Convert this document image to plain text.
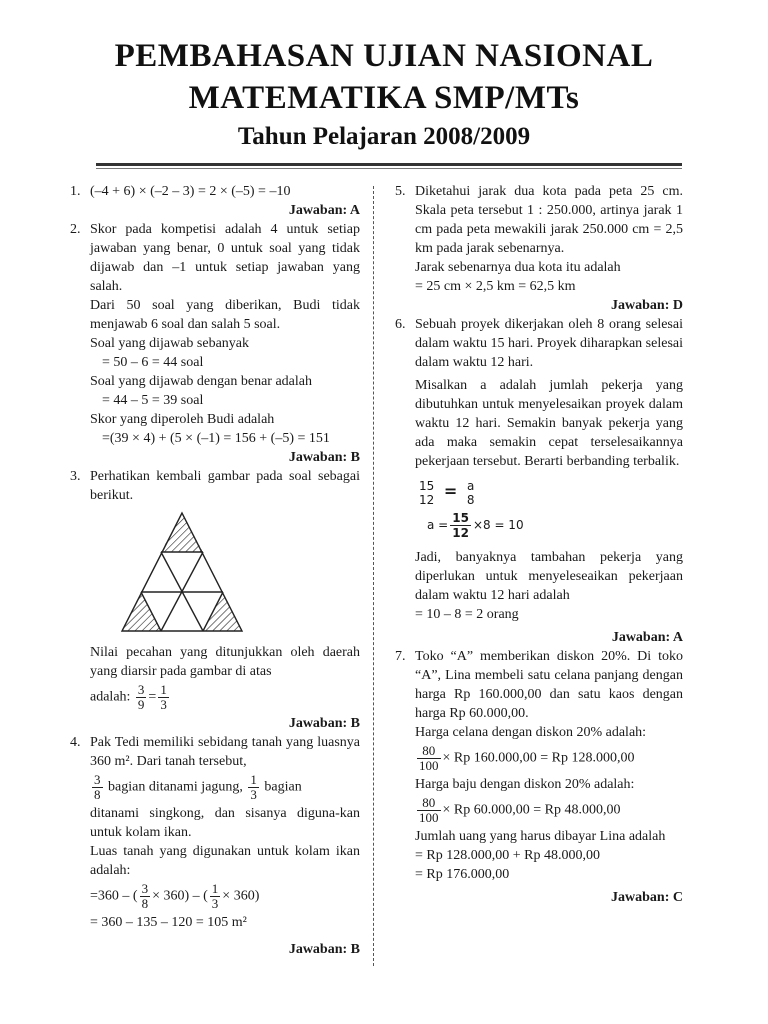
PEMBAHASAN UJIAN NASIONAL
MATEMATIKA SMP/MTs
Tahun Pelajaran 2008/2009
1. (–4 + 6) × (–2 – 3) = 2 × (–5) = –10
Jawaban: A
2. Skor pada kompetisi adalah 4 untuk setiap jawaban yang benar, 0 untuk soal yang tidak dijawab dan –1 untuk setiap jawaban yang salah.
Dari 50 soal yang diberikan, Budi tidak menjawab 6 soal dan salah 5 soal.
Soal yang dijawab sebanyak
= 50 – 6 = 44 soal
Soal yang dijawab dengan benar adalah
= 44 – 5 = 39 soal
Skor yang diperoleh Budi adalah
=(39 × 4) + (5 × (–1) = 156 + (–5) = 151
Jawaban: B
3. Perhatikan kembali gambar pada soal sebagai berikut.
Nilai pecahan yang ditunjukkan oleh daerah yang diarsir pada gambar di atas
adalah: $\frac{3}{9} = \frac{1}{3}$
Jawaban: B
4. Pak Tedi memiliki sebidang tanah yang luasnya 360 m². Dari tanah tersebut,
$\frac{3}{8}$ bagian ditanami jagung, $\frac{1}{3}$ bagian
ditanami singkong, dan sisanya diguna-kan untuk kolam ikan.
Luas tanah yang digunakan untuk kolam ikan adalah:
=360 – ( $\frac{3}{8} \times 360$) – ( $\frac{1}{3} \times 360$)
= 360 – 135 – 120 = 105 m²
Jawaban: B
5. Diketahui jarak dua kota pada peta 25 cm. Skala peta tersebut 1 : 250.000, artinya jarak 1 cm pada peta mewakili jarak 250.000 cm = 2,5 km pada jarak sebenarnya.
Jarak sebenarnya dua kota itu adalah
= 25 cm × 2,5 km = 62,5 km
Jawaban: D
6. Sebuah proyek dikerjakan oleh 8 orang selesai dalam waktu 15 hari. Proyek diharapkan selesai dalam waktu 12 hari.
Misalkan a adalah jumlah pekerja yang dibutuhkan untuk menyelesaikan proyek dalam waktu 12 hari. Semakin banyak pekerja yang ada maka semakin cepat terselesaikannya pekerjaan tersebut. Berarti berbanding terbalik.
15
12 = a
8
$a = \frac{15}{12} \times 8 = 10$
Jadi, banyaknya tambahan pekerja yang diperlukan untuk menyeleseaikan pekerjaan dalam waktu 12 hari adalah
= 10 – 8 = 2 orang
Jawaban: A
7. Toko “A” memberikan diskon 20%. Di toko “A”, Lina membeli satu celana panjang dengan harga Rp 160.000,00 dan satu kaos dengan harga Rp 60.000,00.
Harga celana dengan diskon 20% adalah:
$\frac{80}{100} \times Rp$ 160.000,00 = Rp 128.000,00
Harga baju dengan diskon 20% adalah:
$\frac{80}{100} \times Rp$ 60.000,00 = Rp 48.000,00
Jumlah uang yang harus dibayar Lina adalah
= Rp 128.000,00 + Rp 48.000,00
= Rp 176.000,00
Jawaban: C
